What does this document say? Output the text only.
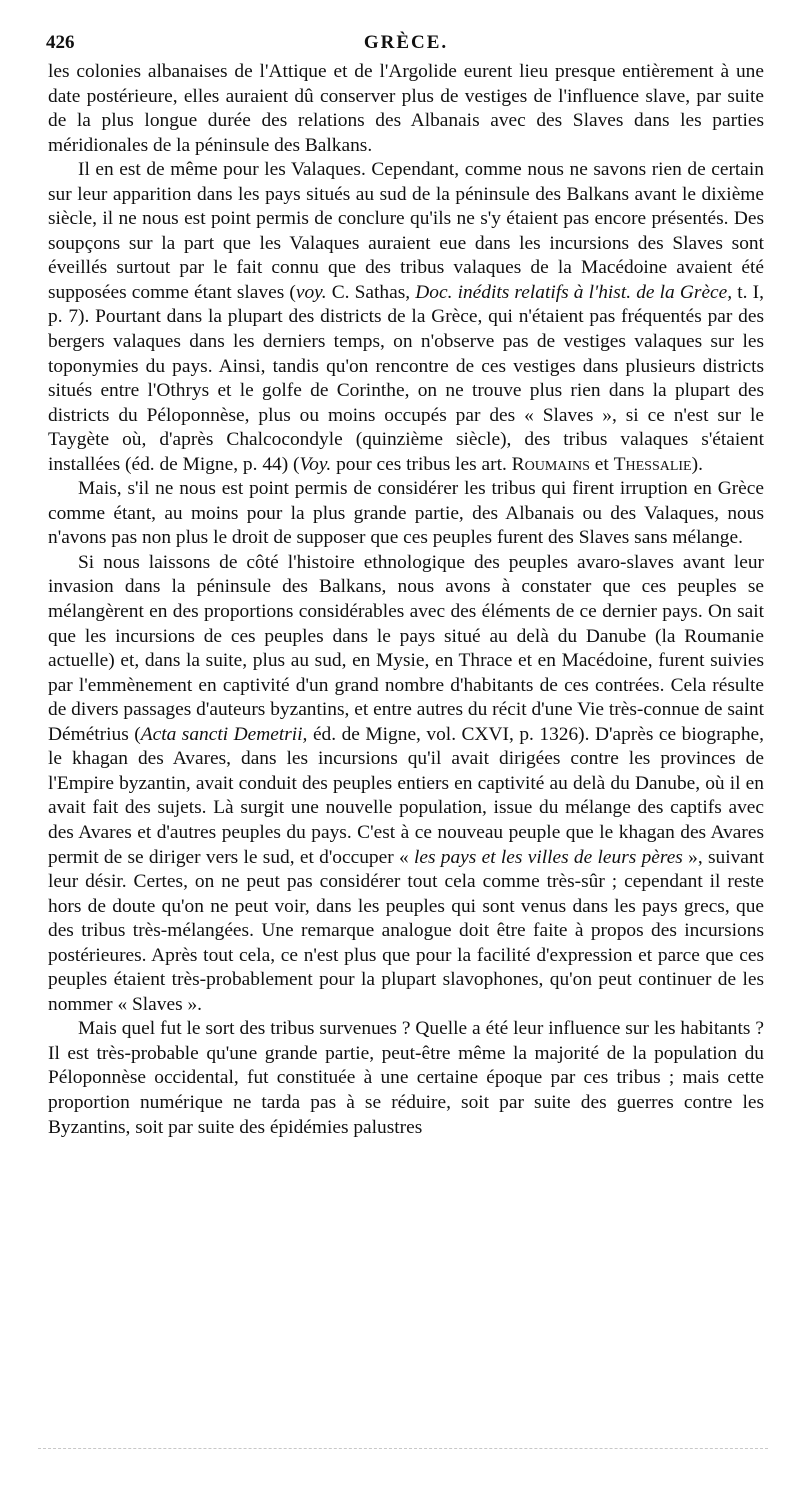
426	GRÈCE.

les colonies albanaises de l'Attique et de l'Argolide eurent lieu presque entièrement à une date postérieure, elles auraient dû conserver plus de vestiges de l'influence slave, par suite de la plus longue durée des relations des Albanais avec des Slaves dans les parties méridionales de la péninsule des Balkans.

Il en est de même pour les Valaques. Cependant, comme nous ne savons rien de certain sur leur apparition dans les pays situés au sud de la péninsule des Balkans avant le dixième siècle, il ne nous est point permis de conclure qu'ils ne s'y étaient pas encore présentés. Des soupçons sur la part que les Valaques auraient eue dans les incursions des Slaves sont éveillés surtout par le fait connu que des tribus valaques de la Macédoine avaient été supposées comme étant slaves (voy. C. Sathas, Doc. inédits relatifs à l'hist. de la Grèce, t. I, p. 7). Pourtant dans la plupart des districts de la Grèce, qui n'étaient pas fréquentés par des bergers valaques dans les derniers temps, on n'observe pas de vestiges valaques sur les toponymies du pays. Ainsi, tandis qu'on rencontre de ces vestiges dans plusieurs districts situés entre l'Othrys et le golfe de Corinthe, on ne trouve plus rien dans la plupart des districts du Péloponnèse, plus ou moins occupés par des « Slaves », si ce n'est sur le Taygète où, d'après Chalcocondyle (quinzième siècle), des tribus valaques s'étaient installées (éd. de Migne, p. 44) (Voy. pour ces tribus les art. Roumains et Thessalie).

Mais, s'il ne nous est point permis de considérer les tribus qui firent irruption en Grèce comme étant, au moins pour la plus grande partie, des Albanais ou des Valaques, nous n'avons pas non plus le droit de supposer que ces peuples furent des Slaves sans mélange.

Si nous laissons de côté l'histoire ethnologique des peuples avaro-slaves avant leur invasion dans la péninsule des Balkans, nous avons à constater que ces peuples se mélangèrent en des proportions considérables avec des éléments de ce dernier pays. On sait que les incursions de ces peuples dans le pays situé au delà du Danube (la Roumanie actuelle) et, dans la suite, plus au sud, en Mysie, en Thrace et en Macédoine, furent suivies par l'emmènement en captivité d'un grand nombre d'habitants de ces contrées. Cela résulte de divers passages d'auteurs byzantins, et entre autres du récit d'une Vie très-connue de saint Démétrius (Acta sancti Demetrii, éd. de Migne, vol. CXVI, p. 1326). D'après ce biographe, le khagan des Avares, dans les incursions qu'il avait dirigées contre les provinces de l'Empire byzantin, avait conduit des peuples entiers en captivité au delà du Danube, où il en avait fait des sujets. Là surgit une nouvelle population, issue du mélange des captifs avec des Avares et d'autres peuples du pays. C'est à ce nouveau peuple que le khagan des Avares permit de se diriger vers le sud, et d'occuper « les pays et les villes de leurs pères », suivant leur désir. Certes, on ne peut pas considérer tout cela comme très-sûr ; cependant il reste hors de doute qu'on ne peut voir, dans les peuples qui sont venus dans les pays grecs, que des tribus très-mélangées. Une remarque analogue doit être faite à propos des incursions postérieures. Après tout cela, ce n'est plus que pour la facilité d'expression et parce que ces peuples étaient très-probablement pour la plupart slavophones, qu'on peut continuer de les nommer « Slaves ».

Mais quel fut le sort des tribus survenues ? Quelle a été leur influence sur les habitants ? Il est très-probable qu'une grande partie, peut-être même la majorité de la population du Péloponnèse occidental, fut constituée à une certaine époque par ces tribus ; mais cette proportion numérique ne tarda pas à se réduire, soit par suite des guerres contre les Byzantins, soit par suite des épidémies palustres
